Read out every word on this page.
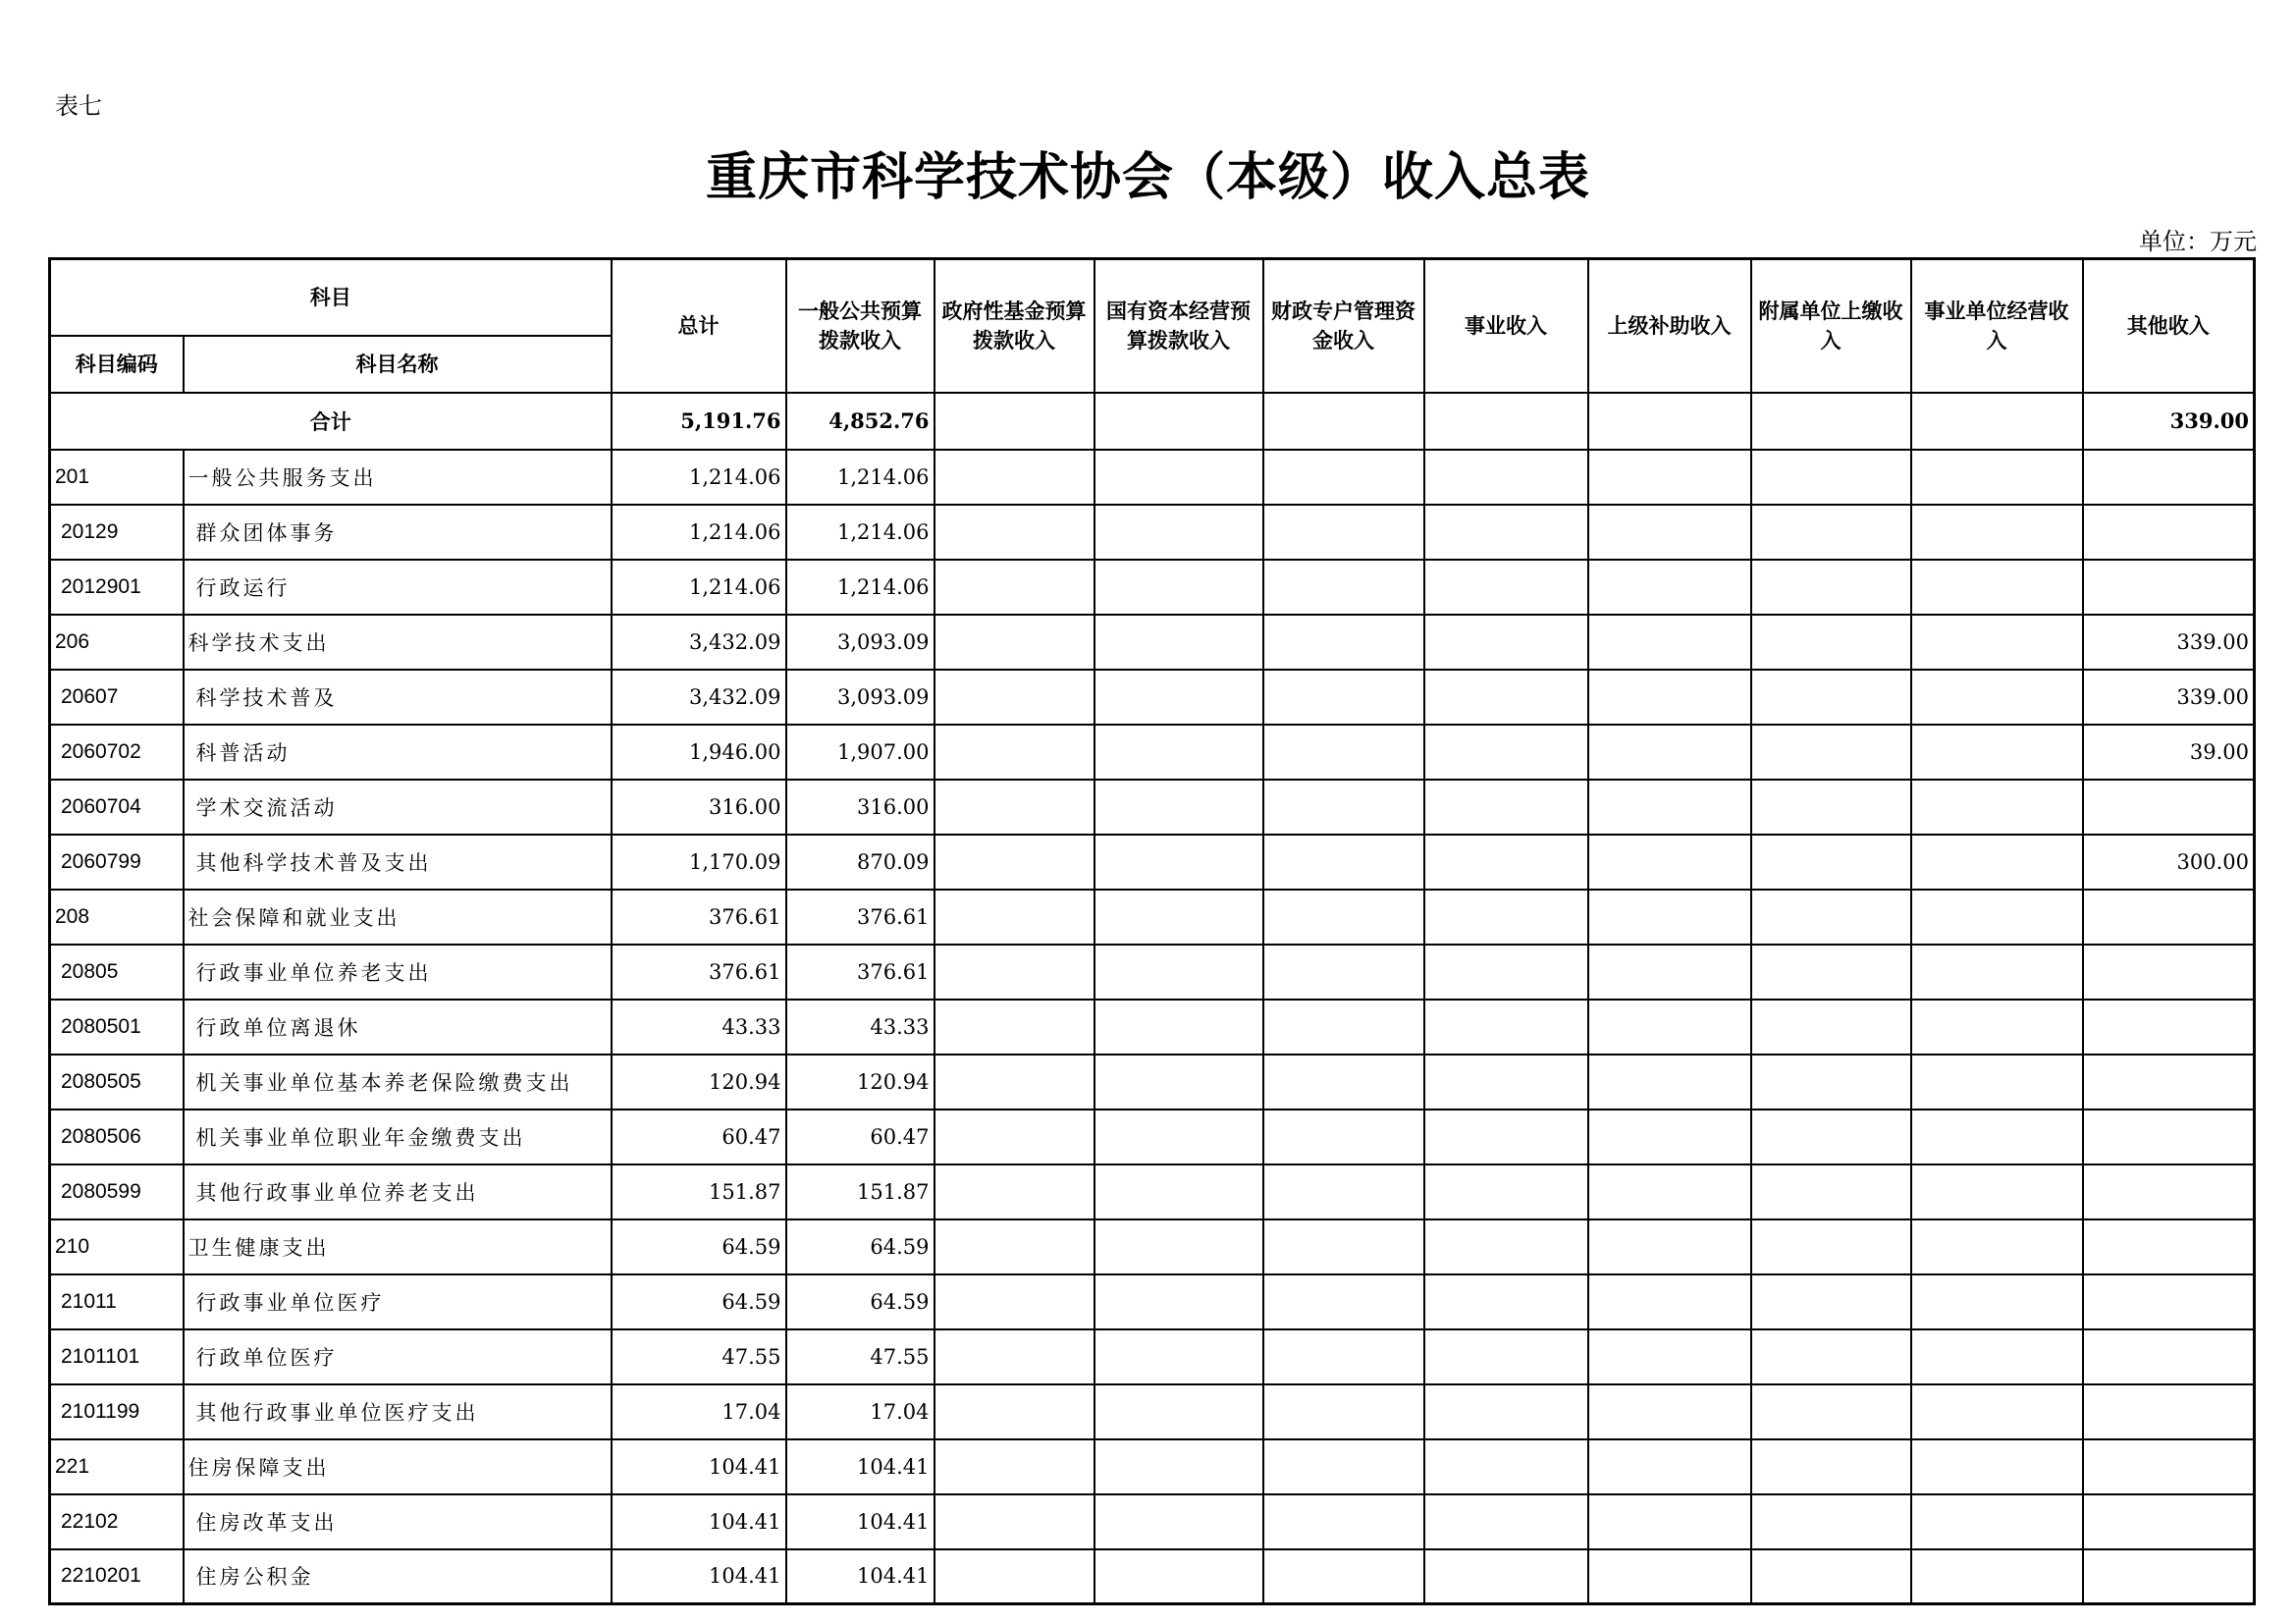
表七
重庆市科学技术协会（本级）收入总表
单位：万元
科目		总计	一般公共预算拨款收入	政府性基金预算拨款收入	国有资本经营预算拨款收入	财政专户管理资金收入	事业收入	上级补助收入	附属单位上缴收入	事业单位经营收入	其他收入
科目编码	科目名称										
合计		5,191.76	4,852.76								339.00
201	一般公共服务支出	1,214.06	1,214.06								
20129	群众团体事务	1,214.06	1,214.06								
2012901	行政运行	1,214.06	1,214.06								
206	科学技术支出	3,432.09	3,093.09								339.00
20607	科学技术普及	3,432.09	3,093.09								339.00
2060702	科普活动	1,946.00	1,907.00								39.00
2060704	学术交流活动	316.00	316.00								
2060799	其他科学技术普及支出	1,170.09	870.09								300.00
208	社会保障和就业支出	376.61	376.61								
20805	行政事业单位养老支出	376.61	376.61								
2080501	行政单位离退休	43.33	43.33								
2080505	机关事业单位基本养老保险缴费支出	120.94	120.94								
2080506	机关事业单位职业年金缴费支出	60.47	60.47								
2080599	其他行政事业单位养老支出	151.87	151.87								
210	卫生健康支出	64.59	64.59								
21011	行政事业单位医疗	64.59	64.59								
2101101	行政单位医疗	47.55	47.55								
2101199	其他行政事业单位医疗支出	17.04	17.04								
221	住房保障支出	104.41	104.41								
22102	住房改革支出	104.41	104.41								
2210201	住房公积金	104.41	104.41								
